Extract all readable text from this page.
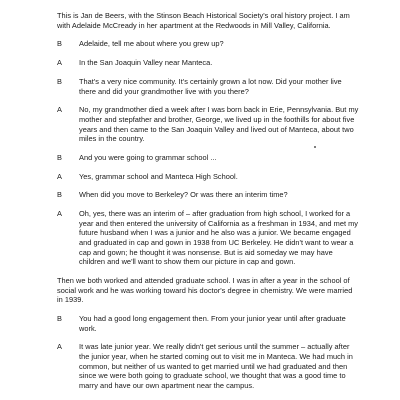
This is Jan de Beers, with the Stinson Beach Historical Society's oral history project. I am with Adelaide McCready in her apartment at the Redwoods in Mill Valley, California.
B	Adelaide, tell me about where you grew up?
A	In the San Joaquin Valley near Manteca.
B	That's a very nice community. It's certainly grown a lot now. Did your mother live there and did your grandmother live with you there?
A	No, my grandmother died a week after I was born back in Erie, Pennsylvania. But my mother and stepfather and brother, George, we lived up in the foothills for about five years and then came to the San Joaquin Valley and lived out of Manteca, about two miles in the country.
B	And you were going to grammar school ...
A	Yes, grammar school and Manteca High School.
B	When did you move to Berkeley? Or was there an interim time?
A	Oh, yes, there was an interim of – after graduation from high school, I worked for a year and then entered the university of California as a freshman in 1934, and met my future husband when I was a junior and he also was a junior. We became engaged and graduated in cap and gown in 1938 from UC Berkeley. He didn't want to wear a cap and gown; he thought it was nonsense. But is aid someday we may have children and we'll want to show them our picture in cap and gown.
Then we both worked and attended graduate school. I was in after a year in the school of social work and he was working toward his doctor's degree in chemistry. We were married in 1939.
B	You had a good long engagement then. From your junior year until after graduate work.
A	It was late junior year. We really didn't get serious until the summer – actually after the junior year, when he started coming out to visit me in Manteca. We had much in common, but neither of us wanted to get married until we had graduated and then since we were both going to graduate school, we thought that was a good time to marry and have our own apartment near the campus.
